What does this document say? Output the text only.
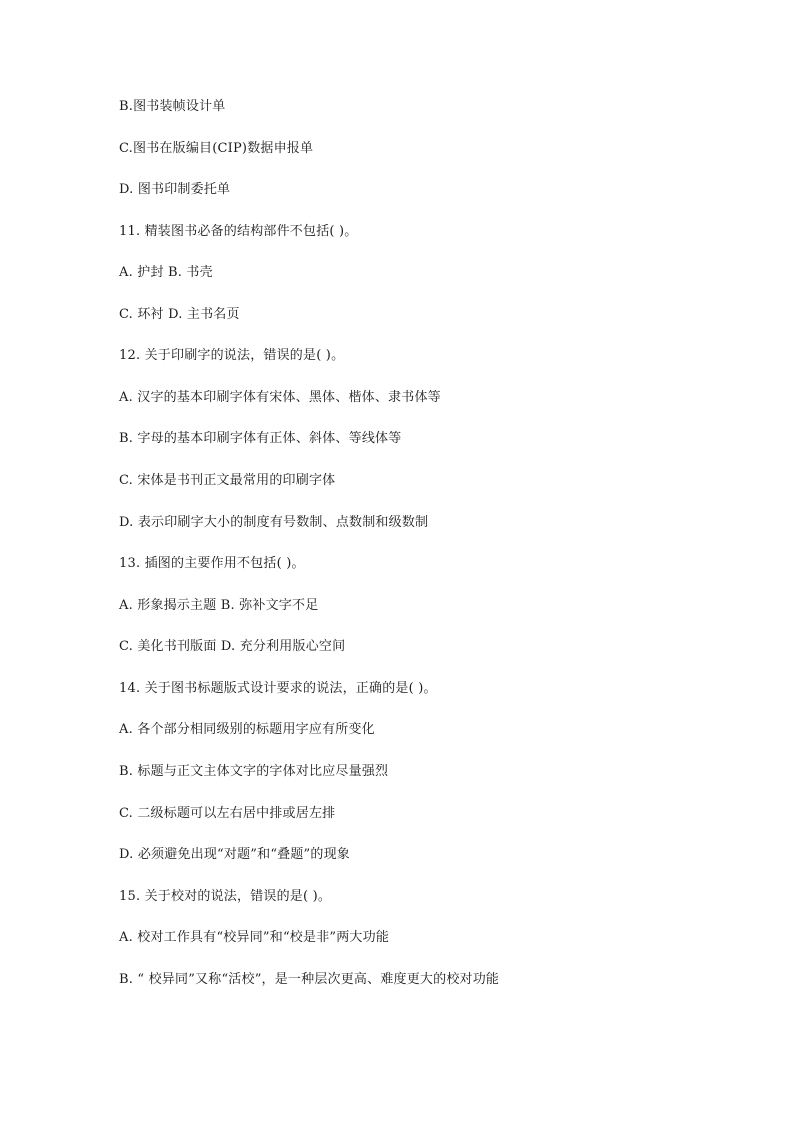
B.图书装帧设计单
C.图书在版编目(CIP)数据申报单
D. 图书印制委托单
11. 精装图书必备的结构部件不包括( )。
A. 护封 B. 书壳
C. 环衬 D. 主书名页
12. 关于印刷字的说法，错误的是( )。
A. 汉字的基本印刷字体有宋体、黑体、楷体、隶书体等
B. 字母的基本印刷字体有正体、斜体、等线体等
C. 宋体是书刊正文最常用的印刷字体
D. 表示印刷字大小的制度有号数制、点数制和级数制
13. 插图的主要作用不包括( )。
A. 形象揭示主题 B. 弥补文字不足
C. 美化书刊版面 D. 充分利用版心空间
14. 关于图书标题版式设计要求的说法，正确的是( )。
A. 各个部分相同级别的标题用字应有所变化
B. 标题与正文主体文字的字体对比应尽量强烈
C. 二级标题可以左右居中排或居左排
D. 必须避免出现“对题”和“叠题”的现象
15. 关于校对的说法，错误的是( )。
A. 校对工作具有“校异同”和“校是非”两大功能
B. “ 校异同”又称“活校”，是一种层次更高、难度更大的校对功能
